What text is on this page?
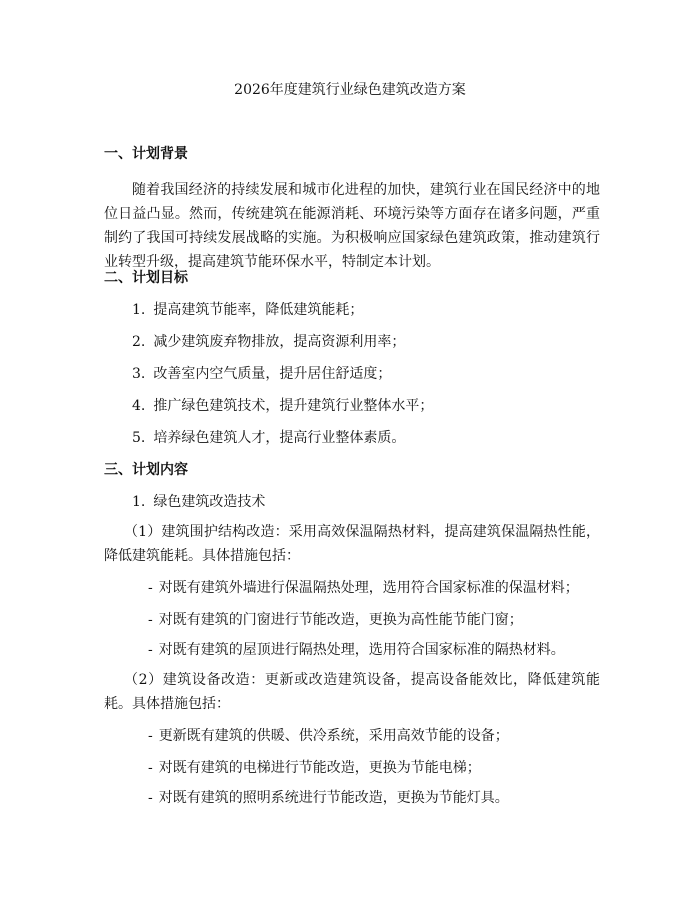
2026年度建筑行业绿色建筑改造方案
一、计划背景
随着我国经济的持续发展和城市化进程的加快，建筑行业在国民经济中的地位日益凸显。然而，传统建筑在能源消耗、环境污染等方面存在诸多问题，严重制约了我国可持续发展战略的实施。为积极响应国家绿色建筑政策，推动建筑行业转型升级，提高建筑节能环保水平，特制定本计划。
二、计划目标
1. 提高建筑节能率，降低建筑能耗；
2. 减少建筑废弃物排放，提高资源利用率；
3. 改善室内空气质量，提升居住舒适度；
4. 推广绿色建筑技术，提升建筑行业整体水平；
5. 培养绿色建筑人才，提高行业整体素质。
三、计划内容
1. 绿色建筑改造技术
（1）建筑围护结构改造：采用高效保温隔热材料，提高建筑保温隔热性能，降低建筑能耗。具体措施包括：
- 对既有建筑外墙进行保温隔热处理，选用符合国家标准的保温材料；
- 对既有建筑的门窗进行节能改造，更换为高性能节能门窗；
- 对既有建筑的屋顶进行隔热处理，选用符合国家标准的隔热材料。
（2）建筑设备改造：更新或改造建筑设备，提高设备能效比，降低建筑能耗。具体措施包括：
- 更新既有建筑的供暖、供冷系统，采用高效节能的设备；
- 对既有建筑的电梯进行节能改造，更换为节能电梯；
- 对既有建筑的照明系统进行节能改造，更换为节能灯具。
